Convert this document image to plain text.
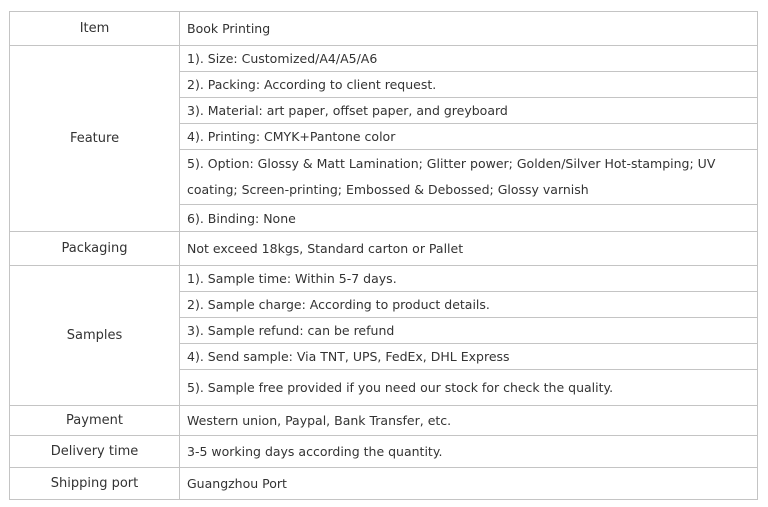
Item	Book Printing
Feature	1). Size: Customized/A4/A5/A6
	2). Packing: According to client request.
	3). Material: art paper, offset paper, and greyboard
	4). Printing: CMYK+Pantone color
	5). Option: Glossy & Matt Lamination; Glitter power; Golden/Silver Hot-stamping; UV coating; Screen-printing; Embossed & Debossed; Glossy varnish
	6). Binding: None
Packaging	Not exceed 18kgs, Standard carton or Pallet
Samples	1). Sample time: Within 5-7 days.
	2). Sample charge: According to product details.
	3). Sample refund: can be refund
	4). Send sample: Via TNT, UPS, FedEx, DHL Express
	5). Sample free provided if you need our stock for check the quality.
Payment	Western union, Paypal, Bank Transfer, etc.
Delivery time	3-5 working days according the quantity.
Shipping port	Guangzhou Port
